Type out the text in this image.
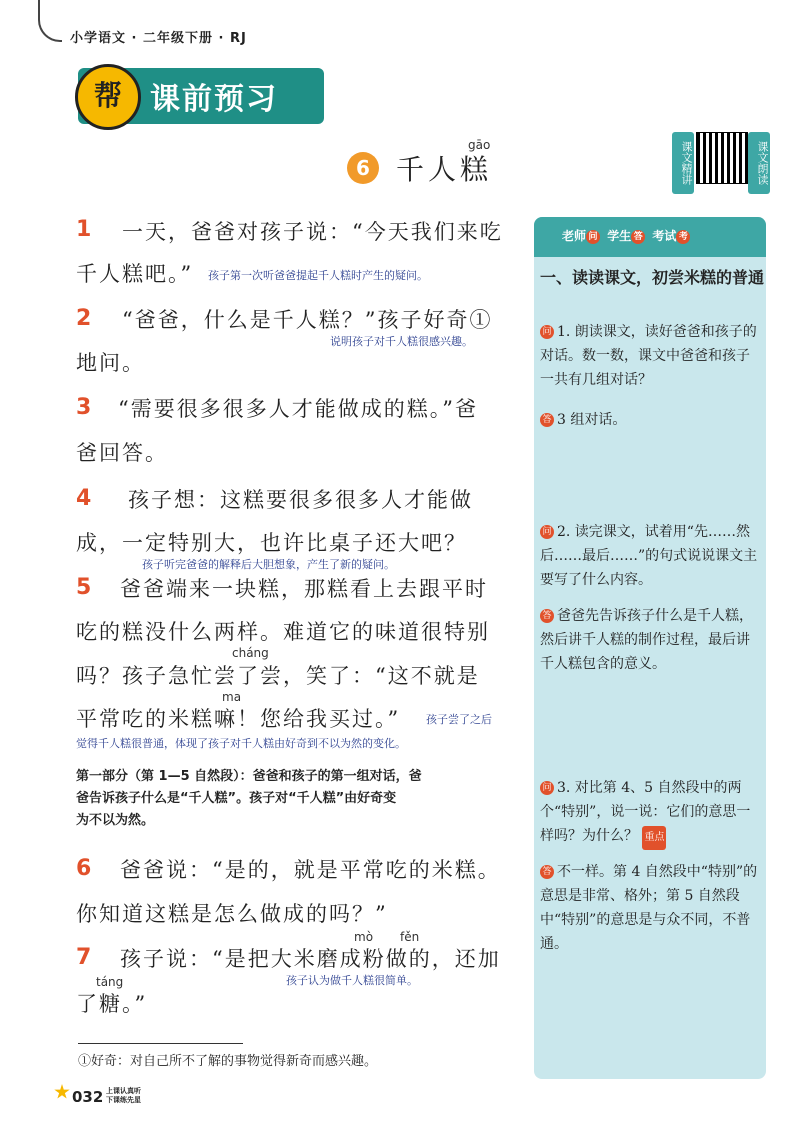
小学语文 · 二年级下册 · RJ
帮 课前预习
6
gāo
千人糕	课文精讲	课文朗读
1 一天，爸爸对孩子说：“今天我们来吃
千人糕吧。” 孩子第一次听爸爸提起千人糕时产生的疑问。
2 “爸爸，什么是千人糕？”孩子好奇①
说明孩子对千人糕很感兴趣。
地问。
3 “需要很多很多人才能做成的糕。”爸
爸回答。
4 孩子想：这糕要很多很多人才能做
成，一定特别大，也许比桌子还大吧？
孩子听完爸爸的解释后大胆想象，产生了新的疑问。
5 爸爸端来一块糕，那糕看上去跟平时
吃的糕没什么两样。难道它的味道很特别
cháng
吗？孩子急忙尝了尝，笑了：“这不就是
ma
平常吃的米糕嘛！您给我买过。” 孩子尝了之后
觉得千人糕很普通，体现了孩子对千人糕由好奇到不以为然的变化。
第一部分（第 1—5 自然段）：爸爸和孩子的第一组对话，爸
爸告诉孩子什么是“千人糕”。孩子对“千人糕”由好奇变
为不以为然。
6 爸爸说：“是的，就是平常吃的米糕。
你知道这糕是怎么做成的吗？”
mò fěn
7 孩子说：“是把大米磨成粉做的，还加
孩子认为做千人糕很简单。
táng
了糖。”
老师 问 学生 答 考试 考
一、读读课文，初尝米糕的普通
问 1. 朗读课文，读好爸爸和孩子的对话。数一数，课文中爸爸和孩子一共有几组对话？
答 3 组对话。
问 2. 读完课文，试着用“先……然后……最后……”的句式说说课文主要写了什么内容。
答 爸爸先告诉孩子什么是千人糕，然后讲千人糕的制作过程，最后讲千人糕包含的意义。
问 3. 对比第 4、5 自然段中的两个“特别”，说一说：它们的意思一样吗？为什么？ 重点
答 不一样。第 4 自然段中“特别”的意思是非常、格外；第 5 自然段中“特别”的意思是与众不同，不普通。
①好奇：对自己所不了解的事物觉得新奇而感兴趣。
032 上课认真听
下课练先星
